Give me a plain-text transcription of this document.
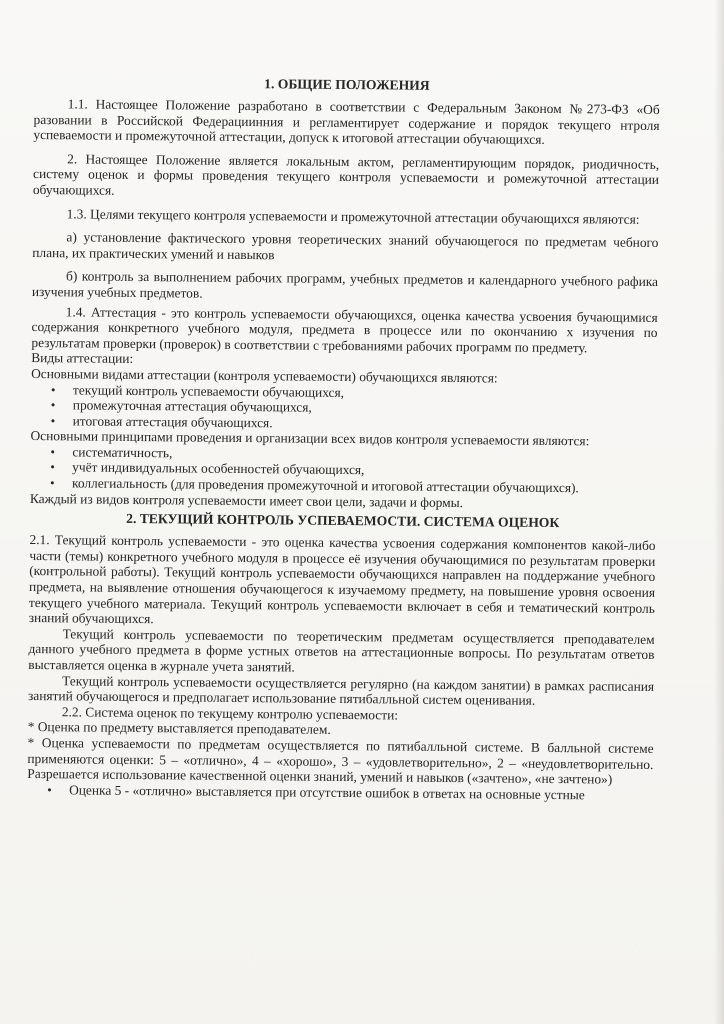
1. ОБЩИЕ ПОЛОЖЕНИЯ

1.1. Настоящее Положение разработано в соответствии с Федеральным Законом №273-ФЗ «Об разовании в Российской Федерациинния и регламентирует содержание и порядок текущего нтроля успеваемости и промежуточной аттестации, допуск к итоговой аттестации обучающихся.

2. Настоящее Положение является локальным актом, регламентирующим порядок, риодичность, систему оценок и формы проведения текущего контроля успеваемости и ромежуточной аттестации обучающихся.

1.3. Целями текущего контроля успеваемости и промежуточной аттестации обучающихся являются:

а) установление фактического уровня теоретических знаний обучающегося по предметам чебного плана, их практических умений и навыков

б) контроль за выполнением рабочих программ, учебных предметов и календарного учебного рафика изучения учебных предметов.

1.4. Аттестация - это контроль успеваемости обучающихся, оценка качества усвоения бучающимися содержания конкретного учебного модуля, предмета в процессе или по окончанию х изучения по результатам проверки (проверок) в соответствии с требованиями рабочих программ по предмету.

Виды аттестации:

Основными видами аттестации (контроля успеваемости) обучающихся являются:

• текущий контроль успеваемости обучающихся,
• промежуточная аттестация обучающихся,
• итоговая аттестация обучающихся.

Основными принципами проведения и организации всех видов контроля успеваемости являются:

• систематичность,
• учёт индивидуальных особенностей обучающихся,
• коллегиальность (для проведения промежуточной и итоговой аттестации обучающихся).

Каждый из видов контроля успеваемости имеет свои цели, задачи и формы.

2. ТЕКУЩИЙ КОНТРОЛЬ УСПЕВАЕМОСТИ. СИСТЕМА ОЦЕНОК

2.1. Текущий контроль успеваемости - это оценка качества усвоения содержания компонентов какой-либо части (темы) конкретного учебного модуля в процессе её изучения обучающимися по результатам проверки (контрольной работы). Текущий контроль успеваемости обучающихся направлен на поддержание учебного предмета, на выявление отношения обучающегося к изучаемому предмету, на повышение уровня освоения текущего учебного материала. Текущий контроль успеваемости включает в себя и тематический контроль знаний обучающихся.

Текущий контроль успеваемости по теоретическим предметам осуществляется преподавателем данного учебного предмета в форме устных ответов на аттестационные вопросы. По результатам ответов выставляется оценка в журнале учета занятий.

Текущий контроль успеваемости осуществляется регулярно (на каждом занятии) в рамках расписания занятий обучающегося и предполагает использование пятибалльной систем оценивания.

2.2. Система оценок по текущему контролю успеваемости:

* Оценка по предмету выставляется преподавателем.

* Оценка успеваемости по предметам осуществляется по пятибалльной системе. В балльной системе применяются оценки: 5 – «отлично», 4 – «хорошо», 3 – «удовлетворительно», 2 – «неудовлетворительно. Разрешается использование качественной оценки знаний, умений и навыков («зачтено», «не зачтено»)

• Оценка 5 - «отлично» выставляется при отсутствие ошибок в ответах на основные устные
